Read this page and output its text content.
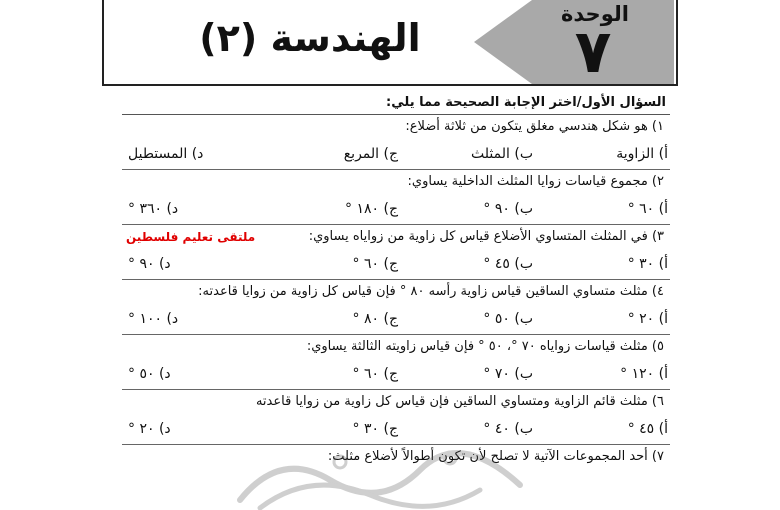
الوحدة
٧
الهندسة (٢)
السؤال الأول/اختر الإجابة الصحيحة مما يلي:
١) هو شكل هندسي مغلق يتكون من ثلاثة أضلاع:
أ) الزاوية
ب) المثلث
ج) المربع
د) المستطيل
٢) مجموع قياسات زوايا المثلث الداخلية يساوي:
أ) ٦٠ °
ب) ٩٠ °
ج) ١٨٠ °
د) ٣٦٠ °
٣) في المثلث المتساوي الأضلاع قياس كل زاوية من زواياه يساوي:
ملتقى تعليم فلسطين
أ) ٣٠ °
ب) ٤٥ °
ج) ٦٠ °
د) ٩٠ °
٤) مثلث متساوي الساقين قياس زاوية رأسه ٨٠ ° فإن قياس كل زاوية من زوايا قاعدته:
أ) ٢٠ °
ب) ٥٠ °
ج) ٨٠ °
د) ١٠٠ °
٥) مثلث قياسات زواياه ٧٠ °، ٥٠ ° فإن قياس زاويته الثالثة يساوي:
أ) ١٢٠ °
ب) ٧٠ °
ج) ٦٠ °
د) ٥٠ °
٦) مثلث قائم الزاوية ومتساوي الساقين فإن قياس كل زاوية من زوايا قاعدته
أ) ٤٥ °
ب) ٤٠ °
ج) ٣٠ °
د) ٢٠ °
٧) أحد المجموعات الآتية لا تصلح لأن تكون أطوالاً لأضلاع مثلث:
